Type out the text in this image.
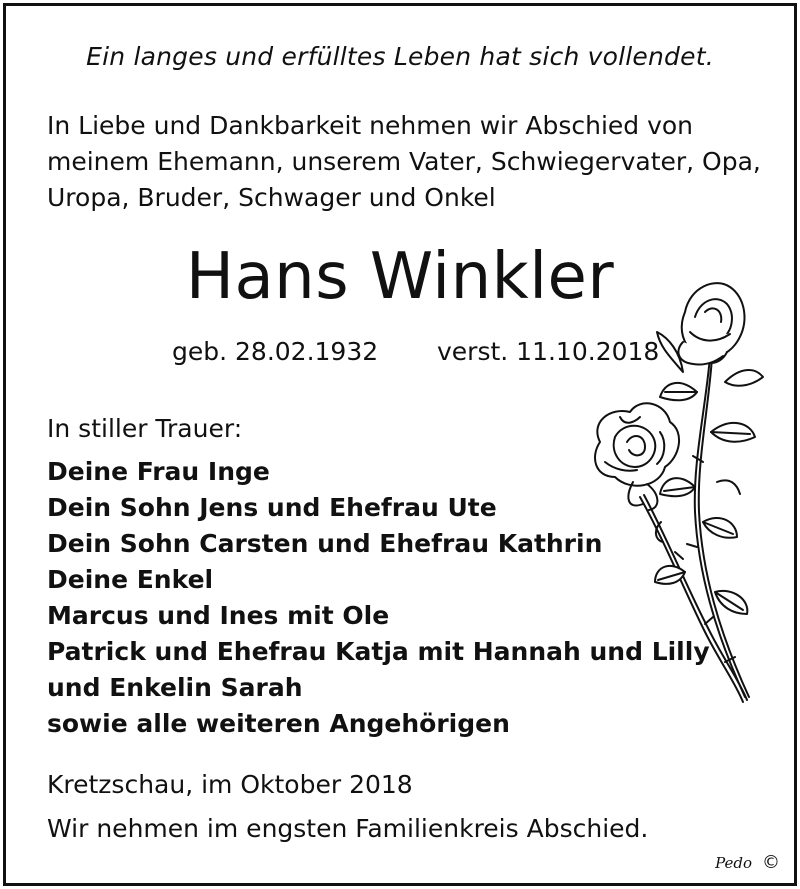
Ein langes und erfülltes Leben hat sich vollendet.
In Liebe und Dankbarkeit nehmen wir Abschied von
meinem Ehemann, unserem Vater, Schwiegervater, Opa,
Uropa, Bruder, Schwager und Onkel
Hans Winkler
geb. 28.02.1932 verst. 11.10.2018
In stiller Trauer:
Deine Frau Inge
Dein Sohn Jens und Ehefrau Ute
Dein Sohn Carsten und Ehefrau Kathrin
Deine Enkel
Marcus und Ines mit Ole
Patrick und Ehefrau Katja mit Hannah und Lilly
und Enkelin Sarah
sowie alle weiteren Angehörigen
Kretzschau, im Oktober 2018
Wir nehmen im engsten Familienkreis Abschied.
Pedo ©
